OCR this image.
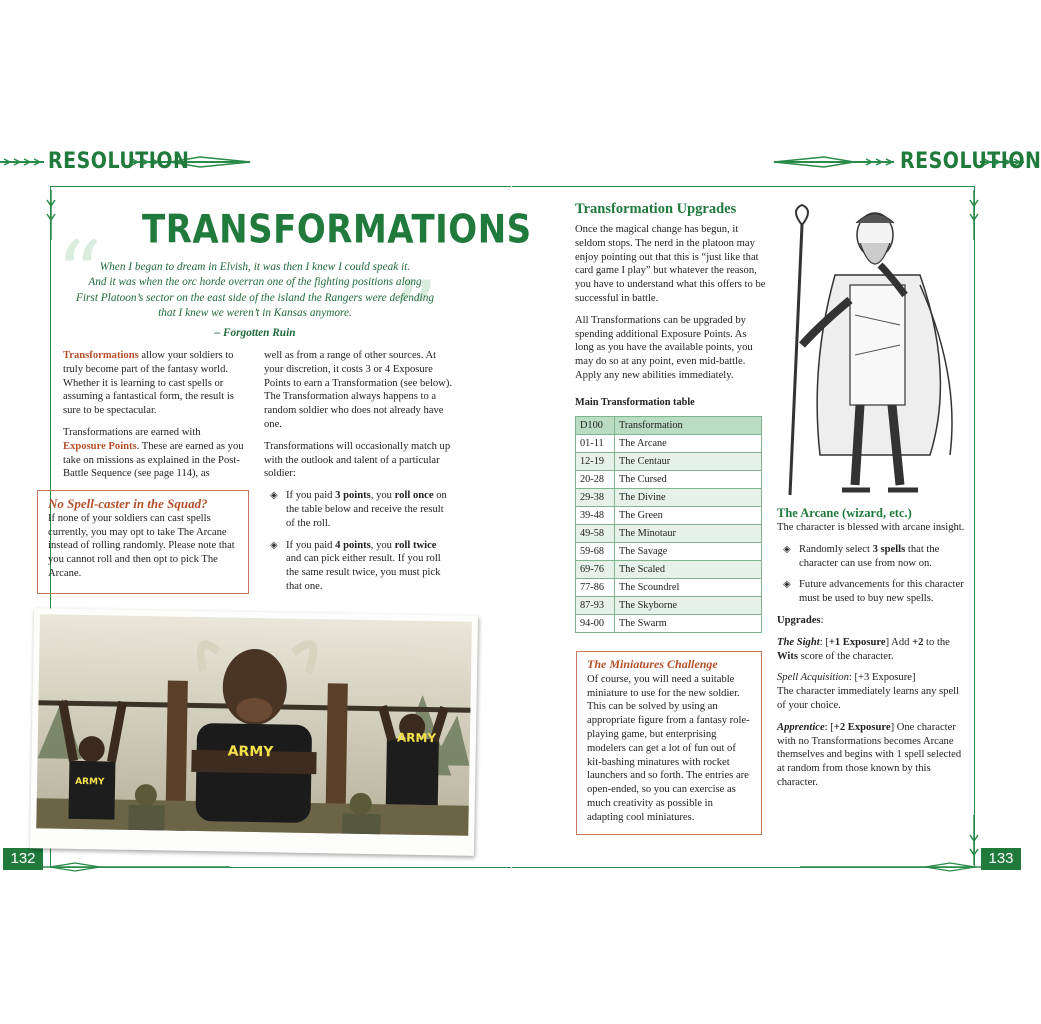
RESOLUTION	RESOLUTION
132	133
TRANSFORMATIONS
“	”
When I began to dream in Elvish, it was then I knew I could speak it.
And it was when the orc horde overran one of the fighting positions along
First Platoon’s sector on the east side of the island the Rangers were defending
that I knew we weren’t in Kansas anymore.
– Forgotten Ruin

Transformations allow your soldiers to truly become part of the fantasy world. Whether it is learning to cast spells or assuming a fantastical form, the result is sure to be spectacular.

Transformations are earned with Exposure Points. These are earned as you take on missions as explained in the Post-Battle Sequence (see page 114), as

well as from a range of other sources. At your discretion, it costs 3 or 4 Exposure Points to earn a Transformation (see below). The Transformation always happens to a random soldier who does not already have one.

Transformations will occasionally match up with the outlook and talent of a particular soldier:

◈ If you paid 3 points, you roll once on the table below and receive the result of the roll.
◈ If you paid 4 points, you roll twice and can pick either result. If you roll the same result twice, you must pick that one.
No Spell-caster in the Squad?
If none of your soldiers can cast spells currently, you may opt to take The Arcane instead of rolling randomly. Please note that you cannot roll and then opt to pick The Arcane.
ARMY
ARMY
ARMY
Transformation Upgrades

Once the magical change has begun, it seldom stops. The nerd in the platoon may enjoy pointing out that this is “just like that card game I play” but whatever the reason, you have to understand what this offers to be successful in battle.

All Transformations can be upgraded by spending additional Exposure Points. As long as you have the available points, you may do so at any point, even mid-battle. Apply any new abilities immediately.

Main Transformation table
D100	Transformation
01-11	The Arcane
12-19	The Centaur
20-28	The Cursed
29-38	The Divine
39-48	The Green
49-58	The Minotaur
59-68	The Savage
69-76	The Scaled
77-86	The Scoundrel
87-93	The Skyborne
94-00	The Swarm
The Miniatures Challenge
Of course, you will need a suitable miniature to use for the new soldier. This can be solved by using an appropriate figure from a fantasy role-playing game, but enterprising modelers can get a lot of fun out of kit-bashing minatures with rocket launchers and so forth. The entries are open-ended, so you can exercise as much creativity as possible in adapting cool miniatures.
The Arcane (wizard, etc.)

The character is blessed with arcane insight.

◈ Randomly select 3 spells that the character can use from now on.
◈ Future advancements for this character must be used to buy new spells.

Upgrades:

The Sight: [+1 Exposure] Add +2 to the Wits score of the character.

Spell Acquisition: [+3 Exposure]
The character immediately learns any spell of your choice.

Apprentice: [+2 Exposure] One character with no Transformations becomes Arcane themselves and begins with 1 spell selected at random from those known by this character.
